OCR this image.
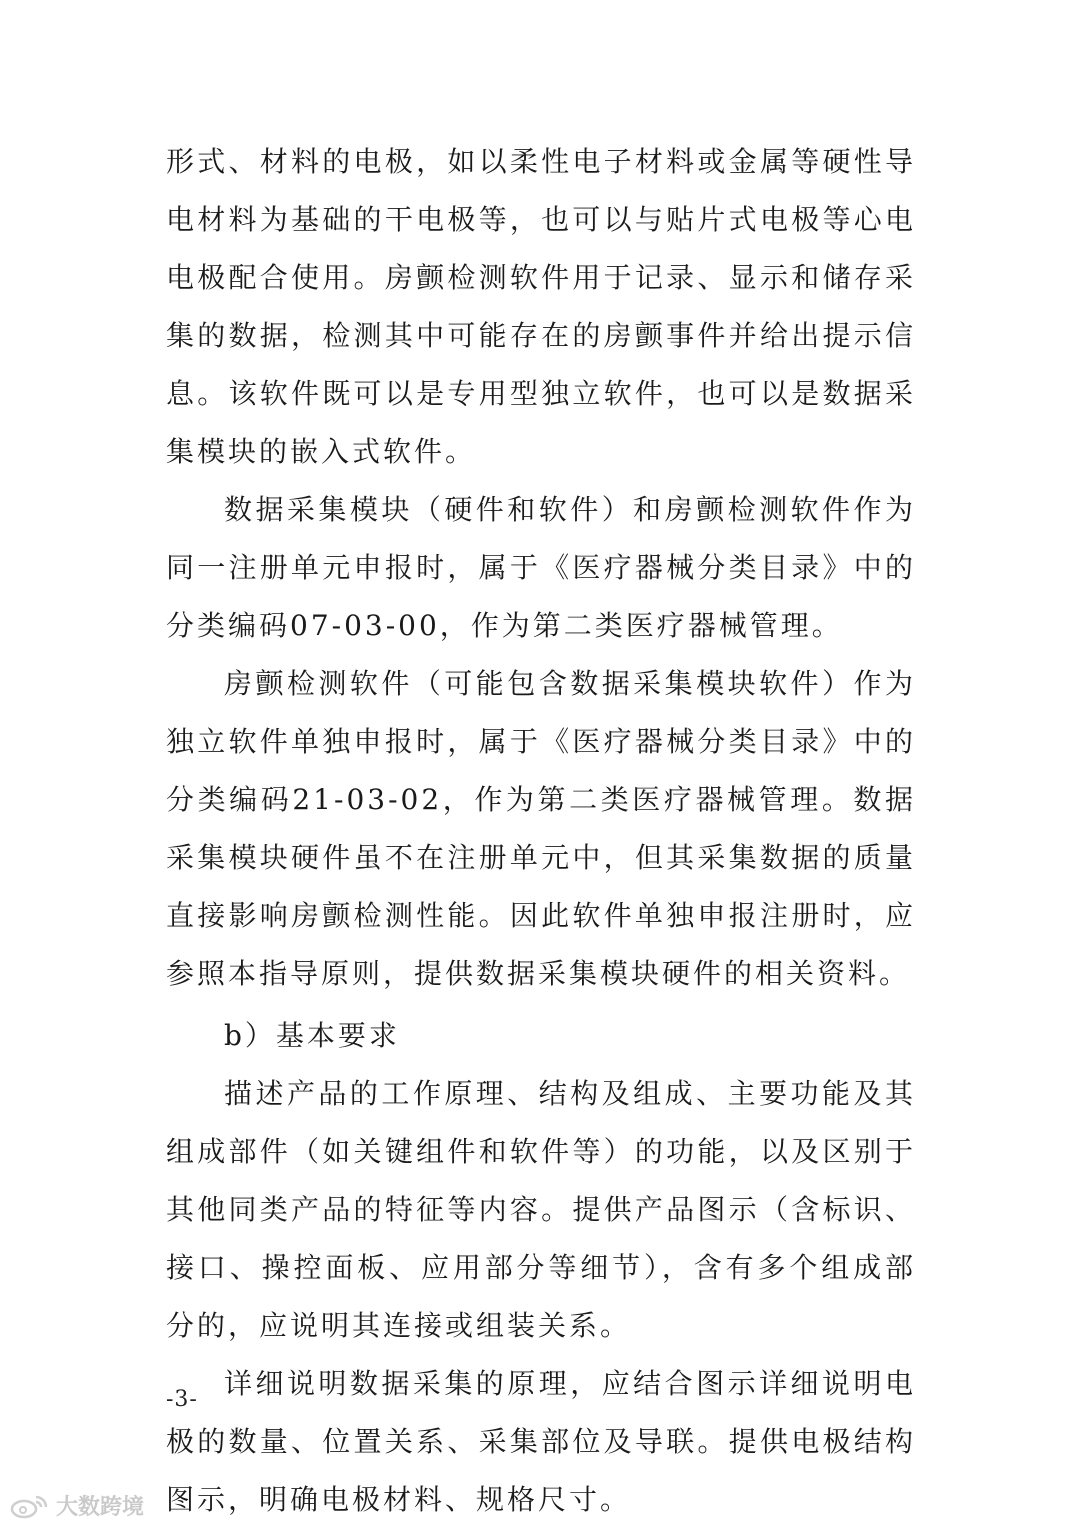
形式、材料的电极，如以柔性电子材料或金属等硬性导电材料为基础的干电极等，也可以与贴片式电极等心电电极配合使用。房颤检测软件用于记录、显示和储存采集的数据，检测其中可能存在的房颤事件并给出提示信息。该软件既可以是专用型独立软件，也可以是数据采集模块的嵌入式软件。

数据采集模块（硬件和软件）和房颤检测软件作为同一注册单元申报时，属于《医疗器械分类目录》中的分类编码07-03-00，作为第二类医疗器械管理。

房颤检测软件（可能包含数据采集模块软件）作为独立软件单独申报时，属于《医疗器械分类目录》中的分类编码21-03-02，作为第二类医疗器械管理。数据采集模块硬件虽不在注册单元中，但其采集数据的质量直接影响房颤检测性能。因此软件单独申报注册时，应参照本指导原则，提供数据采集模块硬件的相关资料。

b）基本要求

描述产品的工作原理、结构及组成、主要功能及其组成部件（如关键组件和软件等）的功能，以及区别于其他同类产品的特征等内容。提供产品图示（含标识、接口、操控面板、应用部分等细节），含有多个组成部分的，应说明其连接或组装关系。

详细说明数据采集的原理，应结合图示详细说明电极的数量、位置关系、采集部位及导联。提供电极结构图示，明确电极材料、规格尺寸。

-3-
大数跨境
